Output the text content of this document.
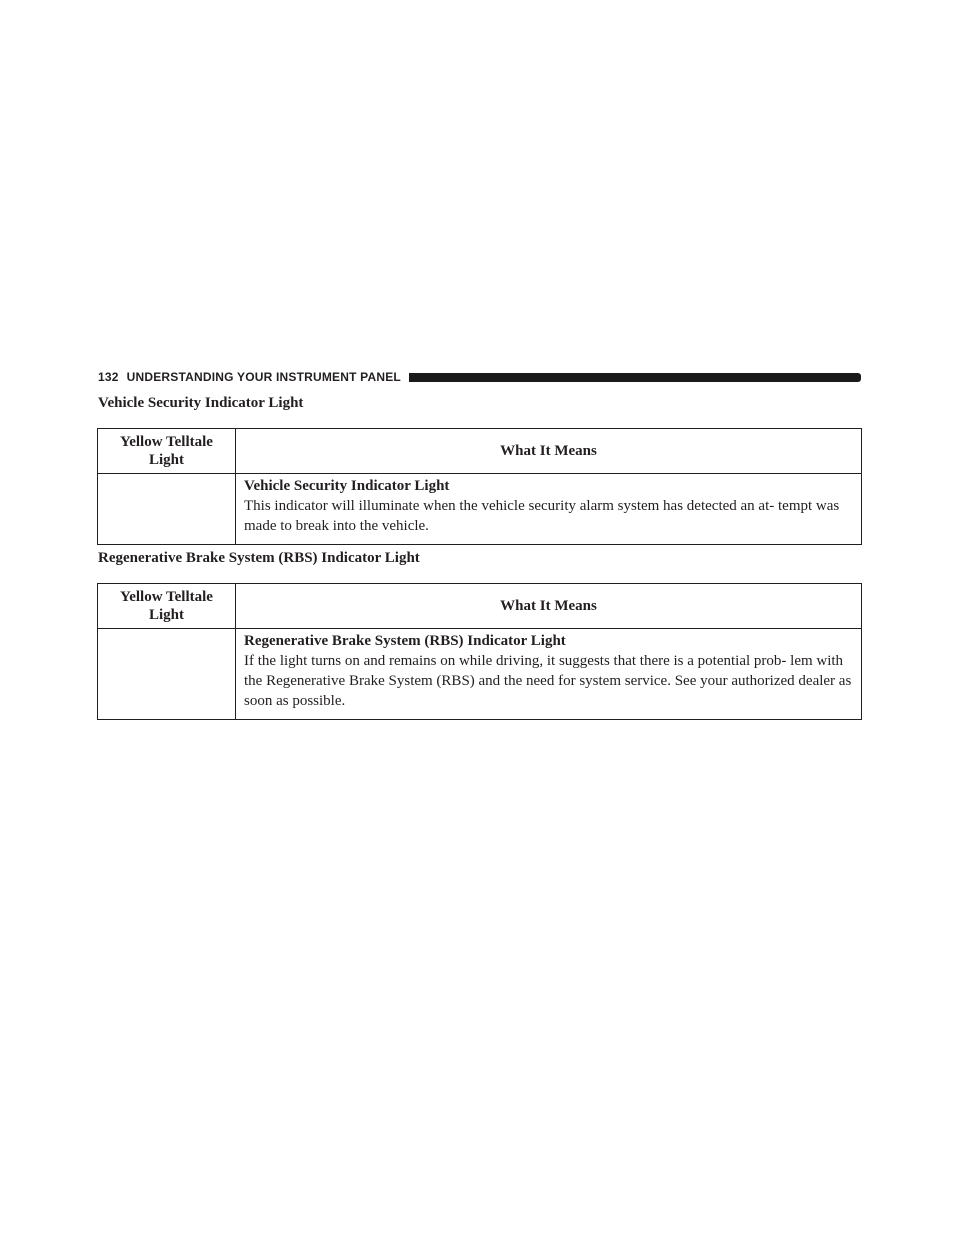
132 UNDERSTANDING YOUR INSTRUMENT PANEL
Vehicle Security Indicator Light
Yellow Telltale Light	What It Means

	Vehicle Security Indicator Light
This indicator will illuminate when the vehicle security alarm system has detected an at- tempt was made to break into the vehicle.
Regenerative Brake System (RBS) Indicator Light
Yellow Telltale Light	What It Means

	Regenerative Brake System (RBS) Indicator Light
If the light turns on and remains on while driving, it suggests that there is a potential prob- lem with the Regenerative Brake System (RBS) and the need for system service. See your authorized dealer as soon as possible.
